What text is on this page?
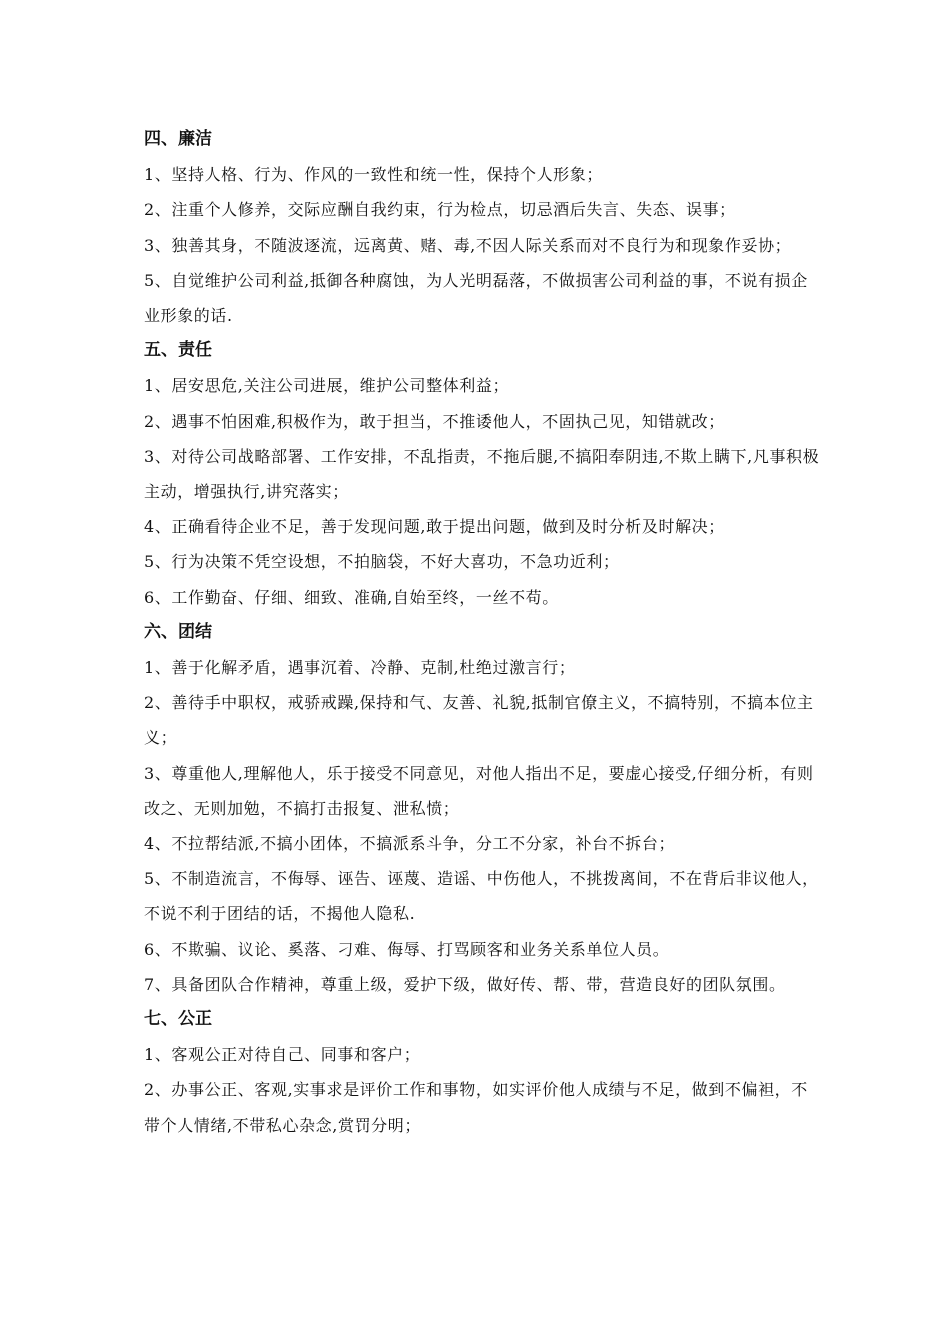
四、廉洁

1、坚持人格、行为、作风的一致性和统一性，保持个人形象；

2、注重个人修养，交际应酬自我约束，行为检点，切忌酒后失言、失态、误事；

3、独善其身，不随波逐流，远离黄、赌、毒,不因人际关系而对不良行为和现象作妥协；

5、自觉维护公司利益,抵御各种腐蚀，为人光明磊落，不做损害公司利益的事，不说有损企业形象的话.

五、责任

1、居安思危,关注公司进展，维护公司整体利益；

2、遇事不怕困难,积极作为，敢于担当，不推诿他人，不固执己见，知错就改；

3、对待公司战略部署、工作安排，不乱指责，不拖后腿,不搞阳奉阴违,不欺上瞒下,凡事积极主动，增强执行,讲究落实；

4、正确看待企业不足，善于发现问题,敢于提出问题，做到及时分析及时解决；

5、行为决策不凭空设想，不拍脑袋，不好大喜功，不急功近利；

6、工作勤奋、仔细、细致、准确,自始至终，一丝不苟。

六、团结

1、善于化解矛盾，遇事沉着、冷静、克制,杜绝过激言行；

2、善待手中职权，戒骄戒躁,保持和气、友善、礼貌,抵制官僚主义，不搞特别，不搞本位主义；

3、尊重他人,理解他人，乐于接受不同意见，对他人指出不足，要虚心接受,仔细分析，有则改之、无则加勉，不搞打击报复、泄私愤；

4、不拉帮结派,不搞小团体，不搞派系斗争，分工不分家，补台不拆台；

5、不制造流言，不侮辱、诬告、诬蔑、造谣、中伤他人，不挑拨离间，不在背后非议他人，不说不利于团结的话，不揭他人隐私.

6、不欺骗、议论、奚落、刁难、侮辱、打骂顾客和业务关系单位人员。

7、具备团队合作精神，尊重上级，爱护下级，做好传、帮、带，营造良好的团队氛围。

七、公正

1、客观公正对待自己、同事和客户；

2、办事公正、客观,实事求是评价工作和事物，如实评价他人成绩与不足，做到不偏袒，不带个人情绪,不带私心杂念,赏罚分明；
